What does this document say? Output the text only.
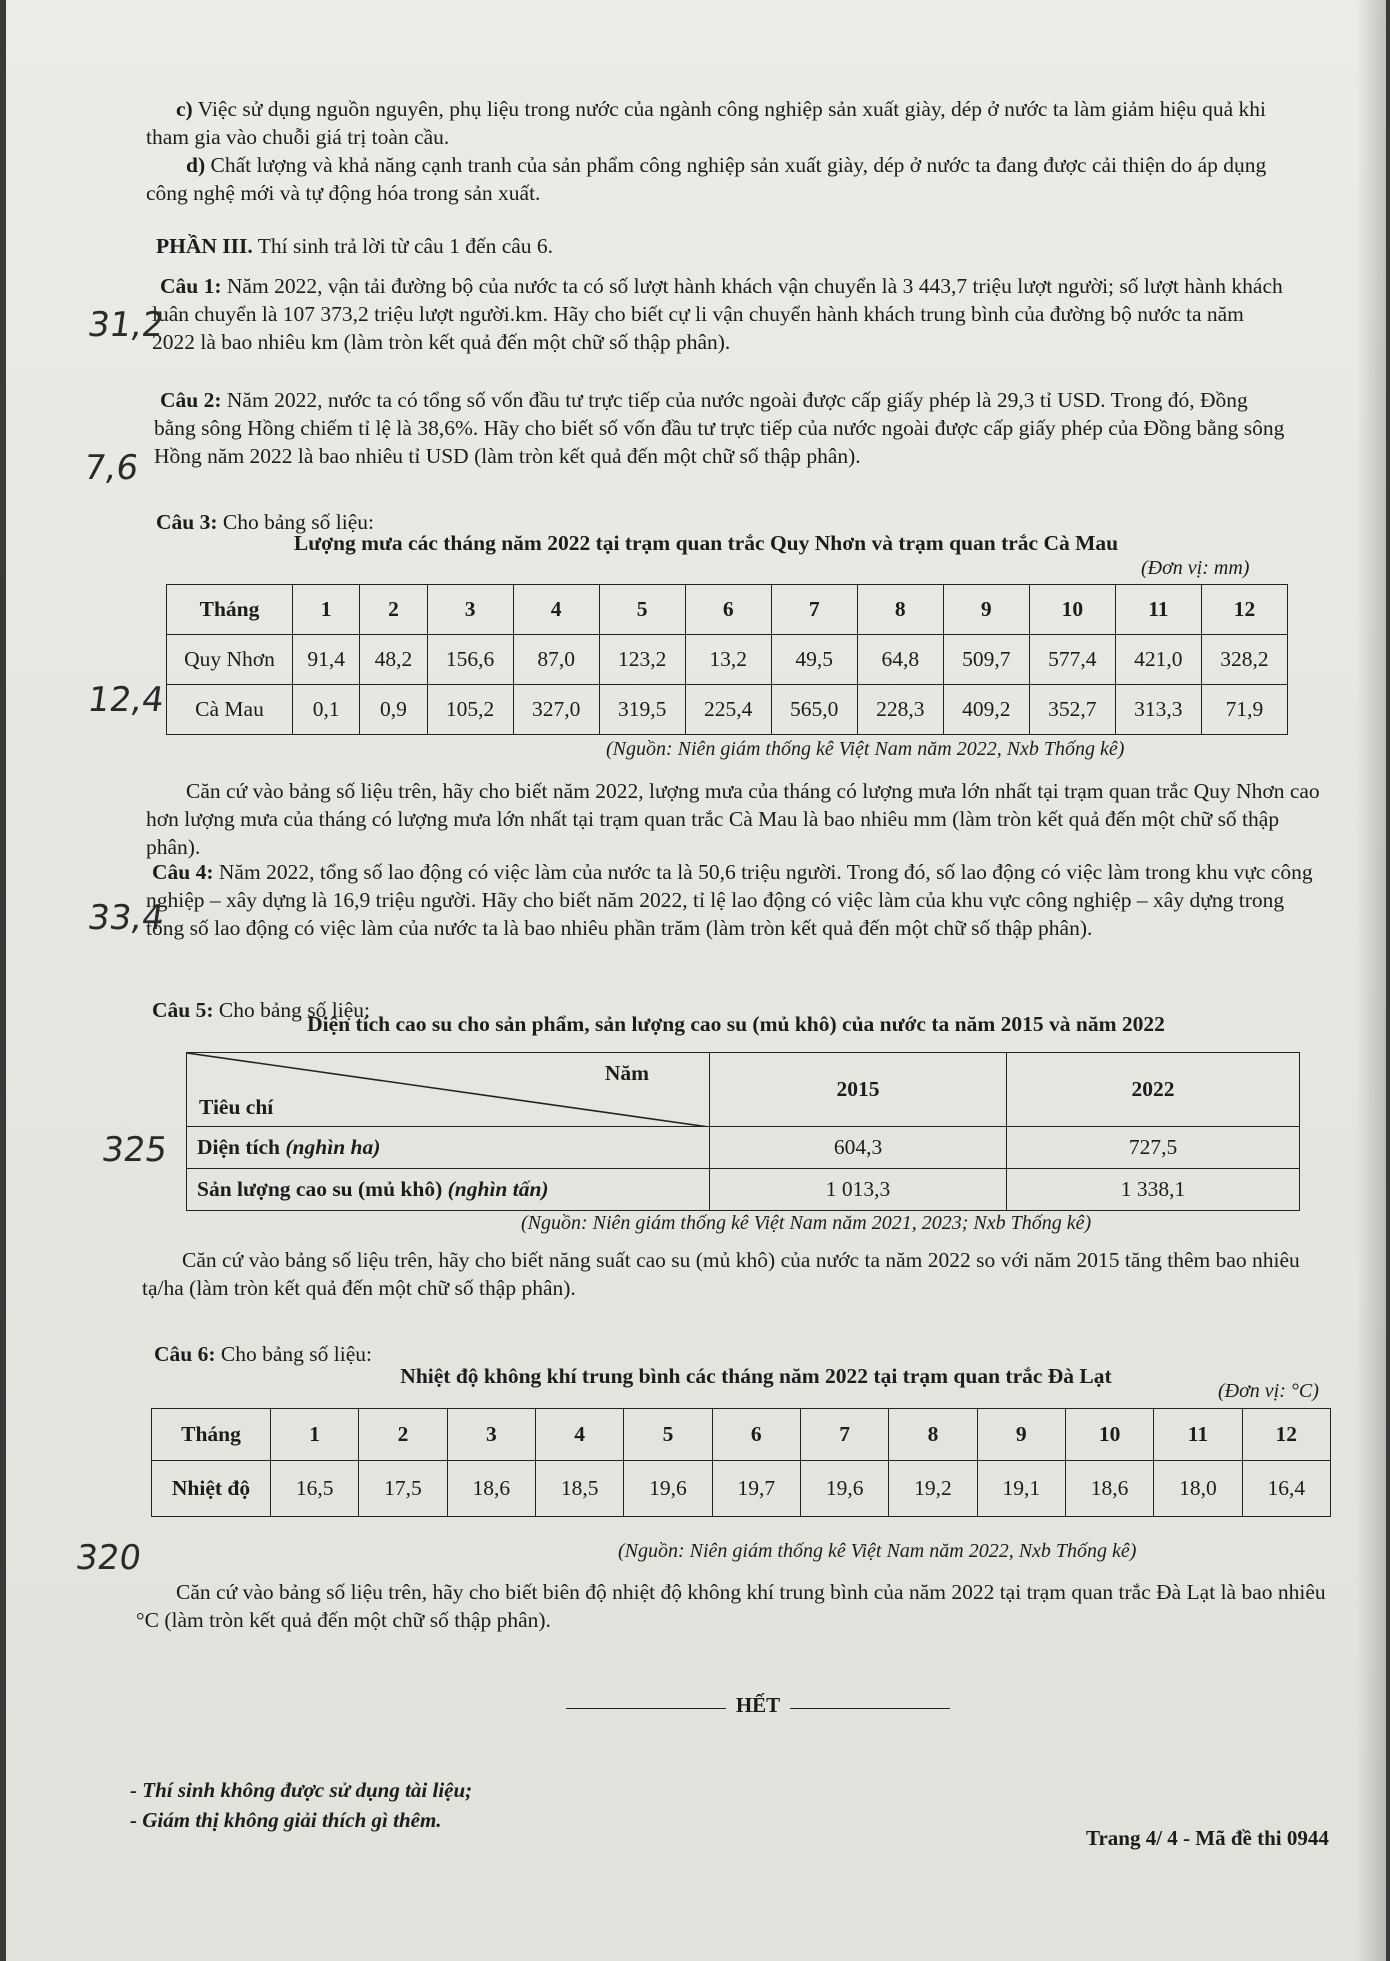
c) Việc sử dụng nguồn nguyên, phụ liệu trong nước của ngành công nghiệp sản xuất giày, dép ở nước ta làm giảm hiệu quả khi tham gia vào chuỗi giá trị toàn cầu.
d) Chất lượng và khả năng cạnh tranh của sản phẩm công nghiệp sản xuất giày, dép ở nước ta đang được cải thiện do áp dụng công nghệ mới và tự động hóa trong sản xuất.
PHẦN III. Thí sinh trả lời từ câu 1 đến câu 6.
Câu 1: Năm 2022, vận tải đường bộ của nước ta có số lượt hành khách vận chuyển là 3 443,7 triệu lượt người; số lượt hành khách luân chuyển là 107 373,2 triệu lượt người.km. Hãy cho biết cự li vận chuyển hành khách trung bình của đường bộ nước ta năm 2022 là bao nhiêu km (làm tròn kết quả đến một chữ số thập phân).
31,2
Câu 2: Năm 2022, nước ta có tổng số vốn đầu tư trực tiếp của nước ngoài được cấp giấy phép là 29,3 tỉ USD. Trong đó, Đồng bằng sông Hồng chiếm tỉ lệ là 38,6%. Hãy cho biết số vốn đầu tư trực tiếp của nước ngoài được cấp giấy phép của Đồng bằng sông Hồng năm 2022 là bao nhiêu tỉ USD (làm tròn kết quả đến một chữ số thập phân).
7,6
Câu 3: Cho bảng số liệu:
Lượng mưa các tháng năm 2022 tại trạm quan trắc Quy Nhơn và trạm quan trắc Cà Mau
(Đơn vị: mm)
Tháng	1	2	3	4	5	6	7	8	9	10	11	12
Quy Nhơn	91,4	48,2	156,6	87,0	123,2	13,2	49,5	64,8	509,7	577,4	421,0	328,2
Cà Mau	0,1	0,9	105,2	327,0	319,5	225,4	565,0	228,3	409,2	352,7	313,3	71,9
12,4
(Nguồn: Niên giám thống kê Việt Nam năm 2022, Nxb Thống kê)
Căn cứ vào bảng số liệu trên, hãy cho biết năm 2022, lượng mưa của tháng có lượng mưa lớn nhất tại trạm quan trắc Quy Nhơn cao hơn lượng mưa của tháng có lượng mưa lớn nhất tại trạm quan trắc Cà Mau là bao nhiêu mm (làm tròn kết quả đến một chữ số thập phân).
Câu 4: Năm 2022, tổng số lao động có việc làm của nước ta là 50,6 triệu người. Trong đó, số lao động có việc làm trong khu vực công nghiệp – xây dựng là 16,9 triệu người. Hãy cho biết năm 2022, tỉ lệ lao động có việc làm của khu vực công nghiệp – xây dựng trong tổng số lao động có việc làm của nước ta là bao nhiêu phần trăm (làm tròn kết quả đến một chữ số thập phân).
33,4
Câu 5: Cho bảng số liệu:
Diện tích cao su cho sản phẩm, sản lượng cao su (mủ khô) của nước ta năm 2015 và năm 2022
Năm
Tiêu chí	2015	2022
Diện tích (nghìn ha)	604,3	727,5
Sản lượng cao su (mủ khô) (nghìn tấn)	1 013,3	1 338,1
325
(Nguồn: Niên giám thống kê Việt Nam năm 2021, 2023; Nxb Thống kê)
Căn cứ vào bảng số liệu trên, hãy cho biết năng suất cao su (mủ khô) của nước ta năm 2022 so với năm 2015 tăng thêm bao nhiêu tạ/ha (làm tròn kết quả đến một chữ số thập phân).
Câu 6: Cho bảng số liệu:
Nhiệt độ không khí trung bình các tháng năm 2022 tại trạm quan trắc Đà Lạt
(Đơn vị: °C)
Tháng	1	2	3	4	5	6	7	8	9	10	11	12
Nhiệt độ	16,5	17,5	18,6	18,5	19,6	19,7	19,6	19,2	19,1	18,6	18,0	16,4
320	(Nguồn: Niên giám thống kê Việt Nam năm 2022, Nxb Thống kê)
Căn cứ vào bảng số liệu trên, hãy cho biết biên độ nhiệt độ không khí trung bình của năm 2022 tại trạm quan trắc Đà Lạt là bao nhiêu °C (làm tròn kết quả đến một chữ số thập phân).
HẾT
- Thí sinh không được sử dụng tài liệu;
- Giám thị không giải thích gì thêm.
Trang 4/ 4 - Mã đề thi 0944
